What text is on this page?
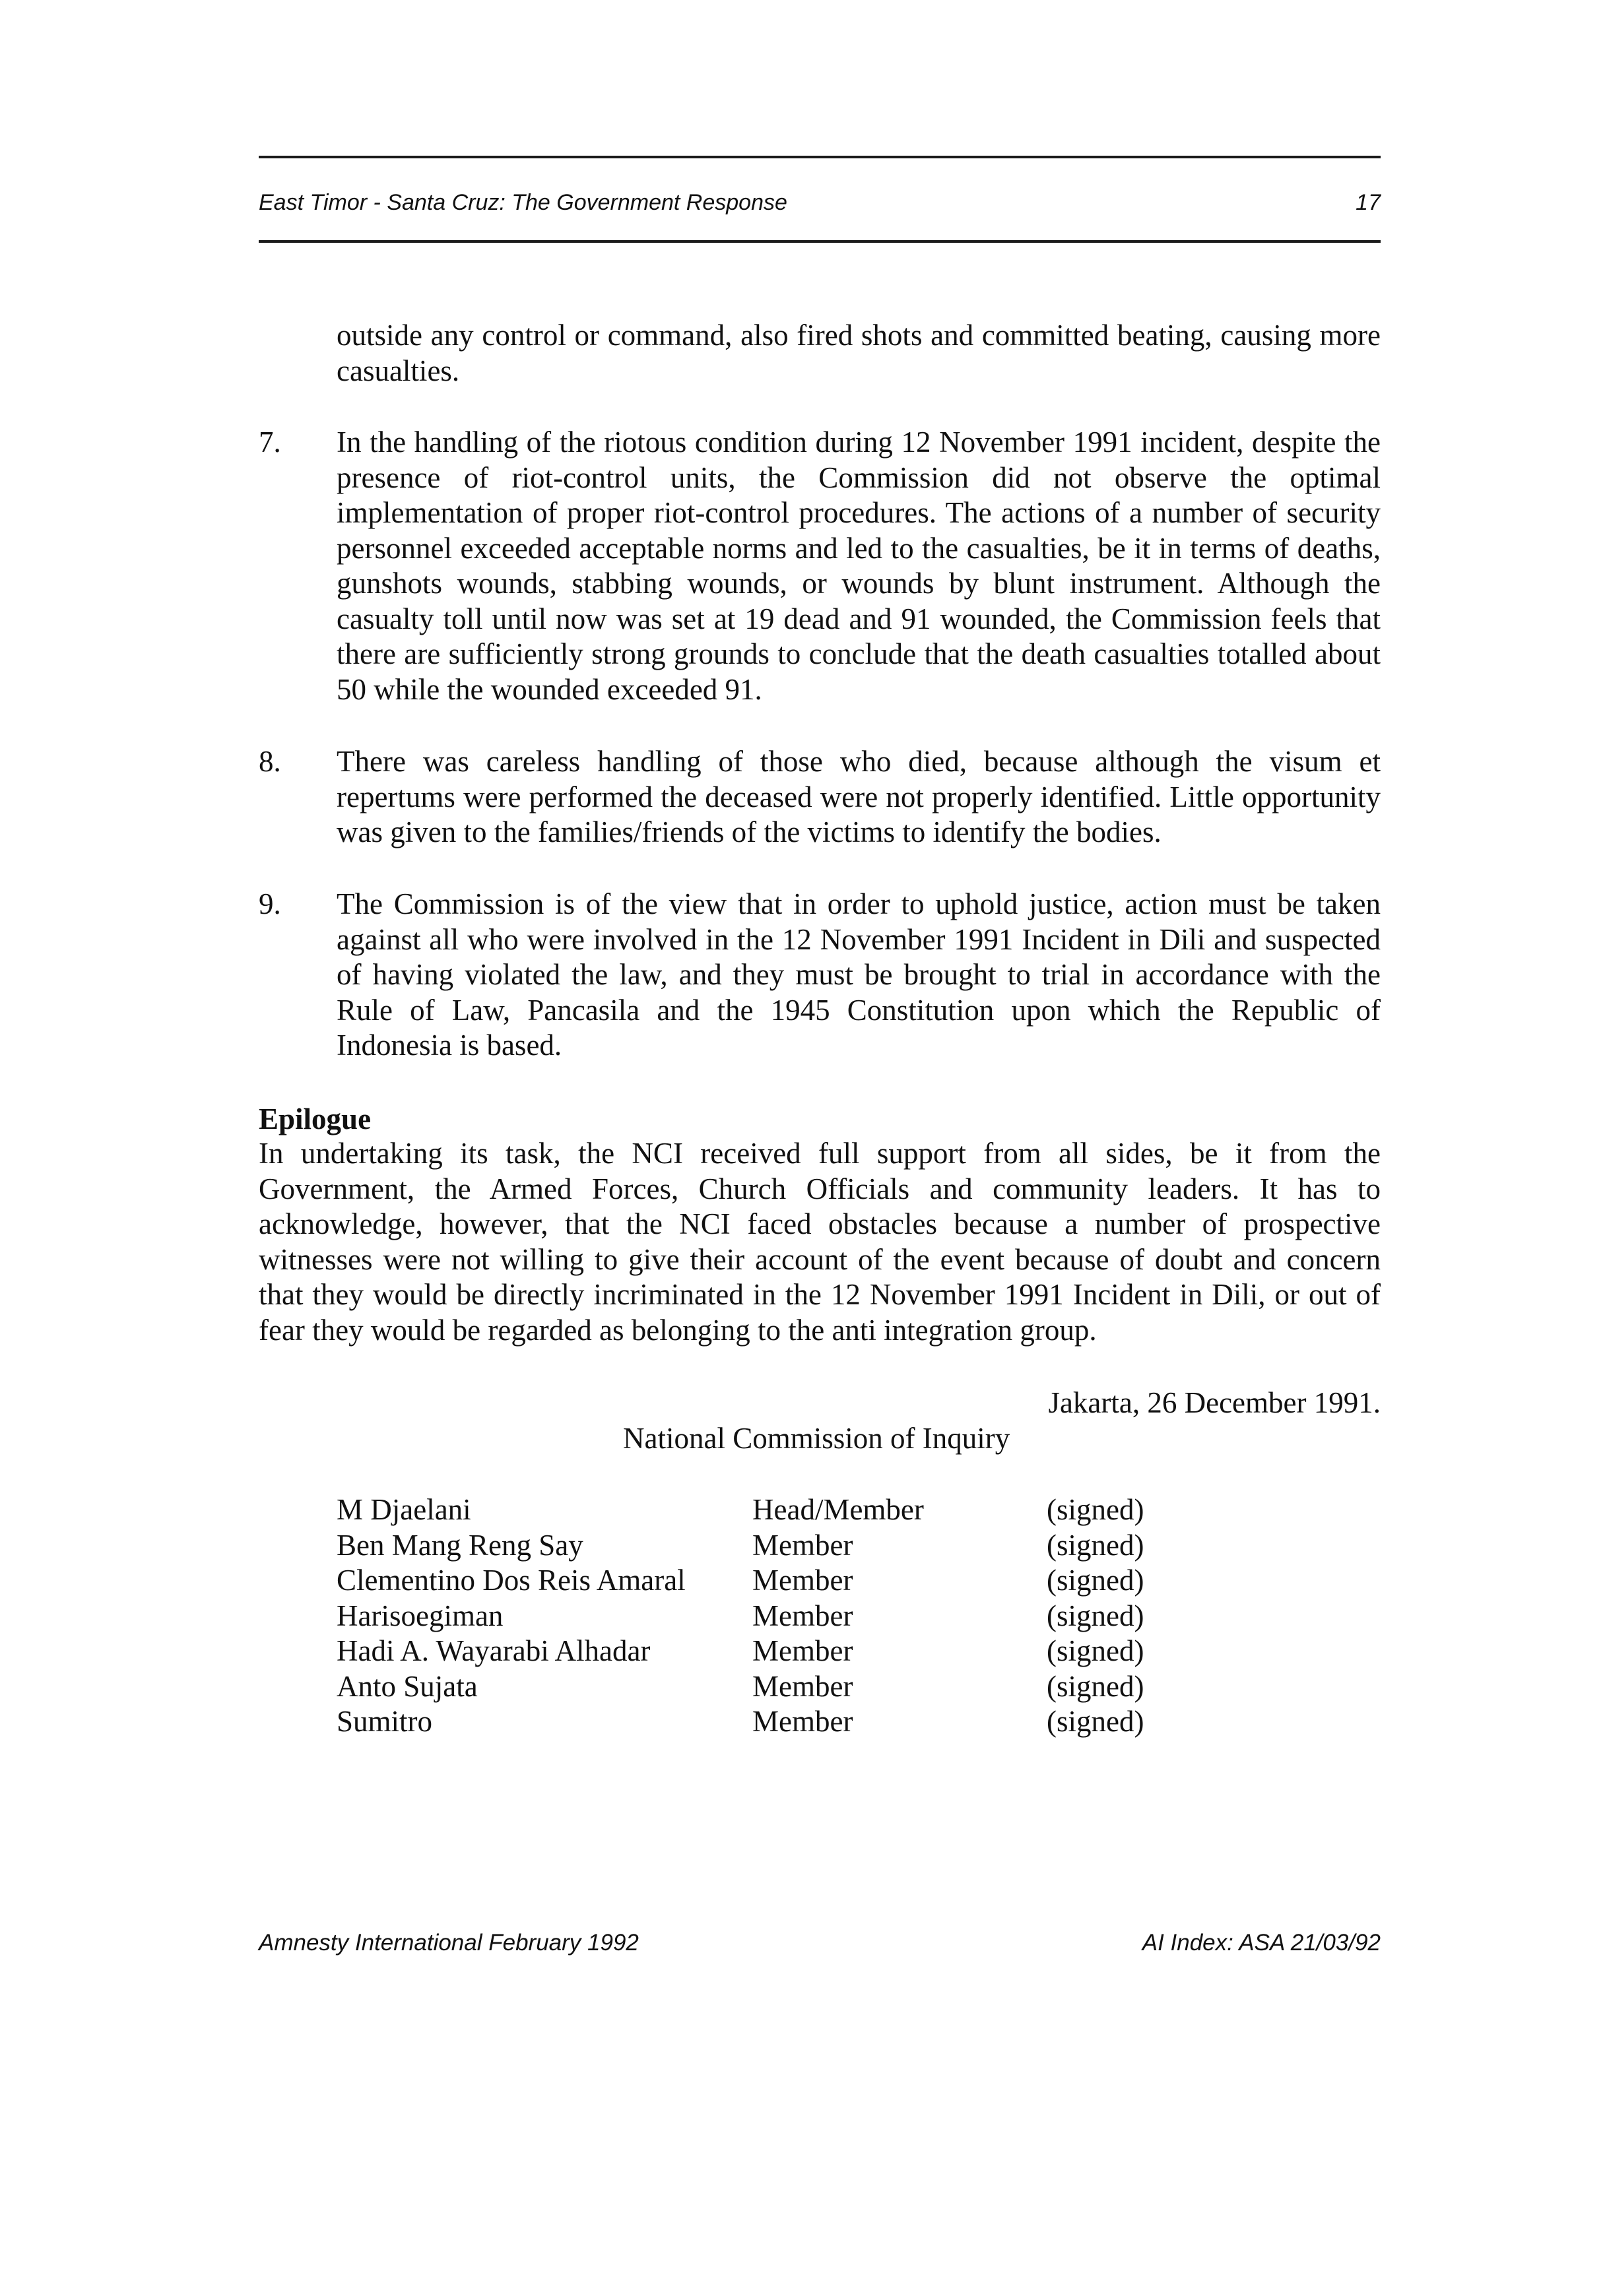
East Timor - Santa Cruz: The Government Response	17
outside any control or command, also fired shots and committed beating, causing more casualties.
7.	In the handling of the riotous condition during 12 November 1991 incident, despite the presence of riot-control units, the Commission did not observe the optimal implementation of proper riot-control procedures. The actions of a number of security personnel exceeded acceptable norms and led to the casualties, be it in terms of deaths, gunshots wounds, stabbing wounds, or wounds by blunt instrument. Although the casualty toll until now was set at 19 dead and 91 wounded, the Commission feels that there are sufficiently strong grounds to conclude that the death casualties totalled about 50 while the wounded exceeded 91.
8.	There was careless handling of those who died, because although the visum et repertums were performed the deceased were not properly identified. Little opportunity was given to the families/friends of the victims to identify the bodies.
9.	The Commission is of the view that in order to uphold justice, action must be taken against all who were involved in the 12 November 1991 Incident in Dili and suspected of having violated the law, and they must be brought to trial in accordance with the Rule of Law, Pancasila and the 1945 Constitution upon which the Republic of Indonesia is based.
Epilogue
In undertaking its task, the NCI received full support from all sides, be it from the Government, the Armed Forces, Church Officials and community leaders. It has to acknowledge, however, that the NCI faced obstacles because a number of prospective witnesses were not willing to give their account of the event because of doubt and concern that they would be directly incriminated in the 12 November 1991 Incident in Dili, or out of fear they would be regarded as belonging to the anti integration group.
Jakarta, 26 December 1991.
National Commission of Inquiry
M Djaelani	Head/Member	(signed)
Ben Mang Reng Say	Member	(signed)
Clementino Dos Reis Amaral Member	(signed)
Harisoegiman	Member	(signed)
Hadi A. Wayarabi Alhadar	Member	(signed)
Anto Sujata	Member	(signed)
Sumitro	Member	(signed)
Amnesty International February 1992	AI Index: ASA 21/03/92
